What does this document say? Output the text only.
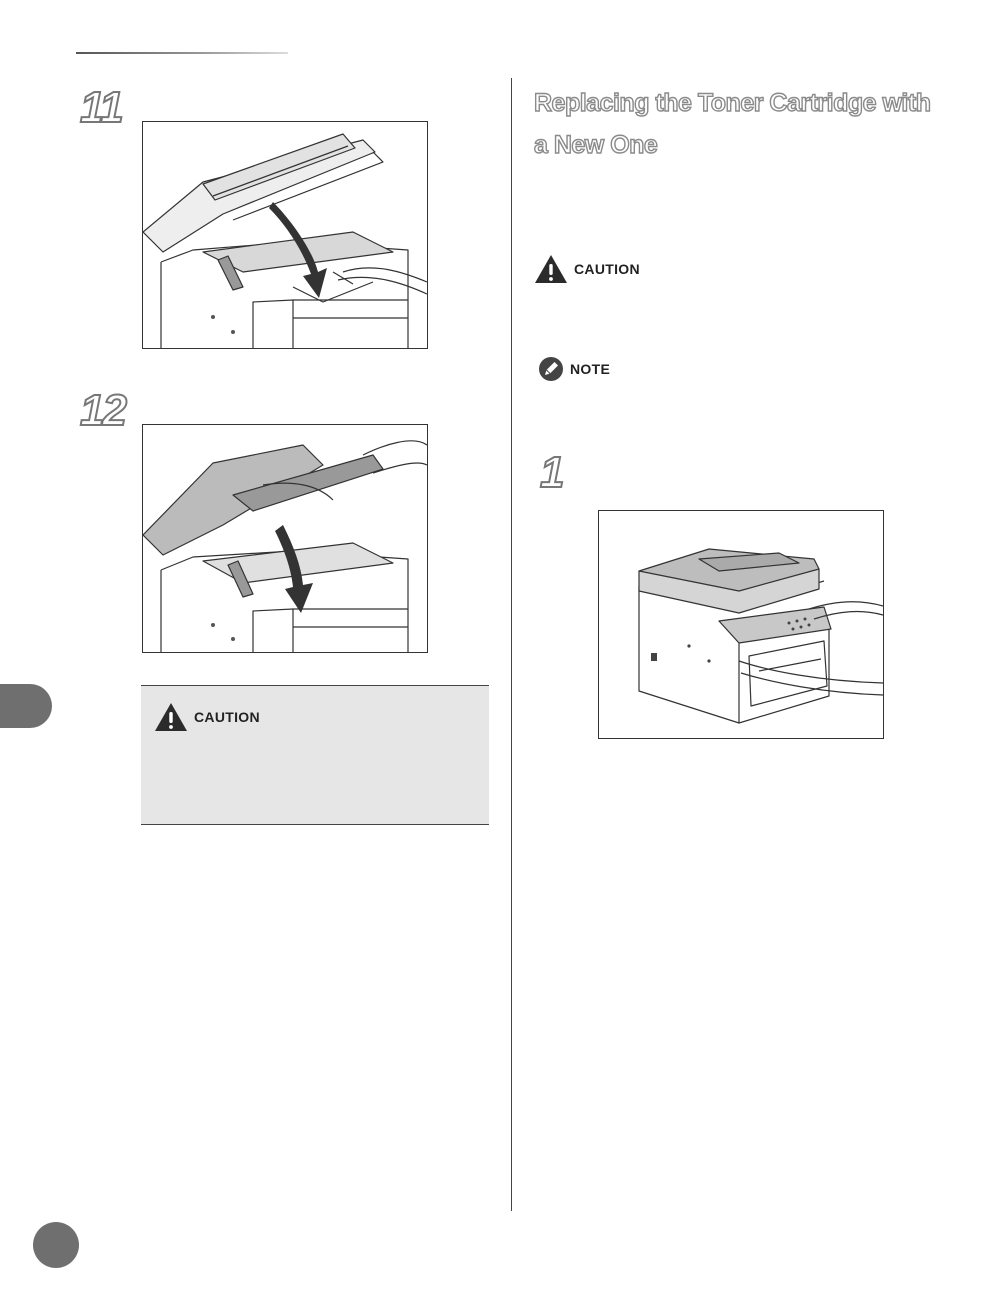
11
12
CAUTION
Replacing the Toner Cartridge with a New One
CAUTION
NOTE
1
